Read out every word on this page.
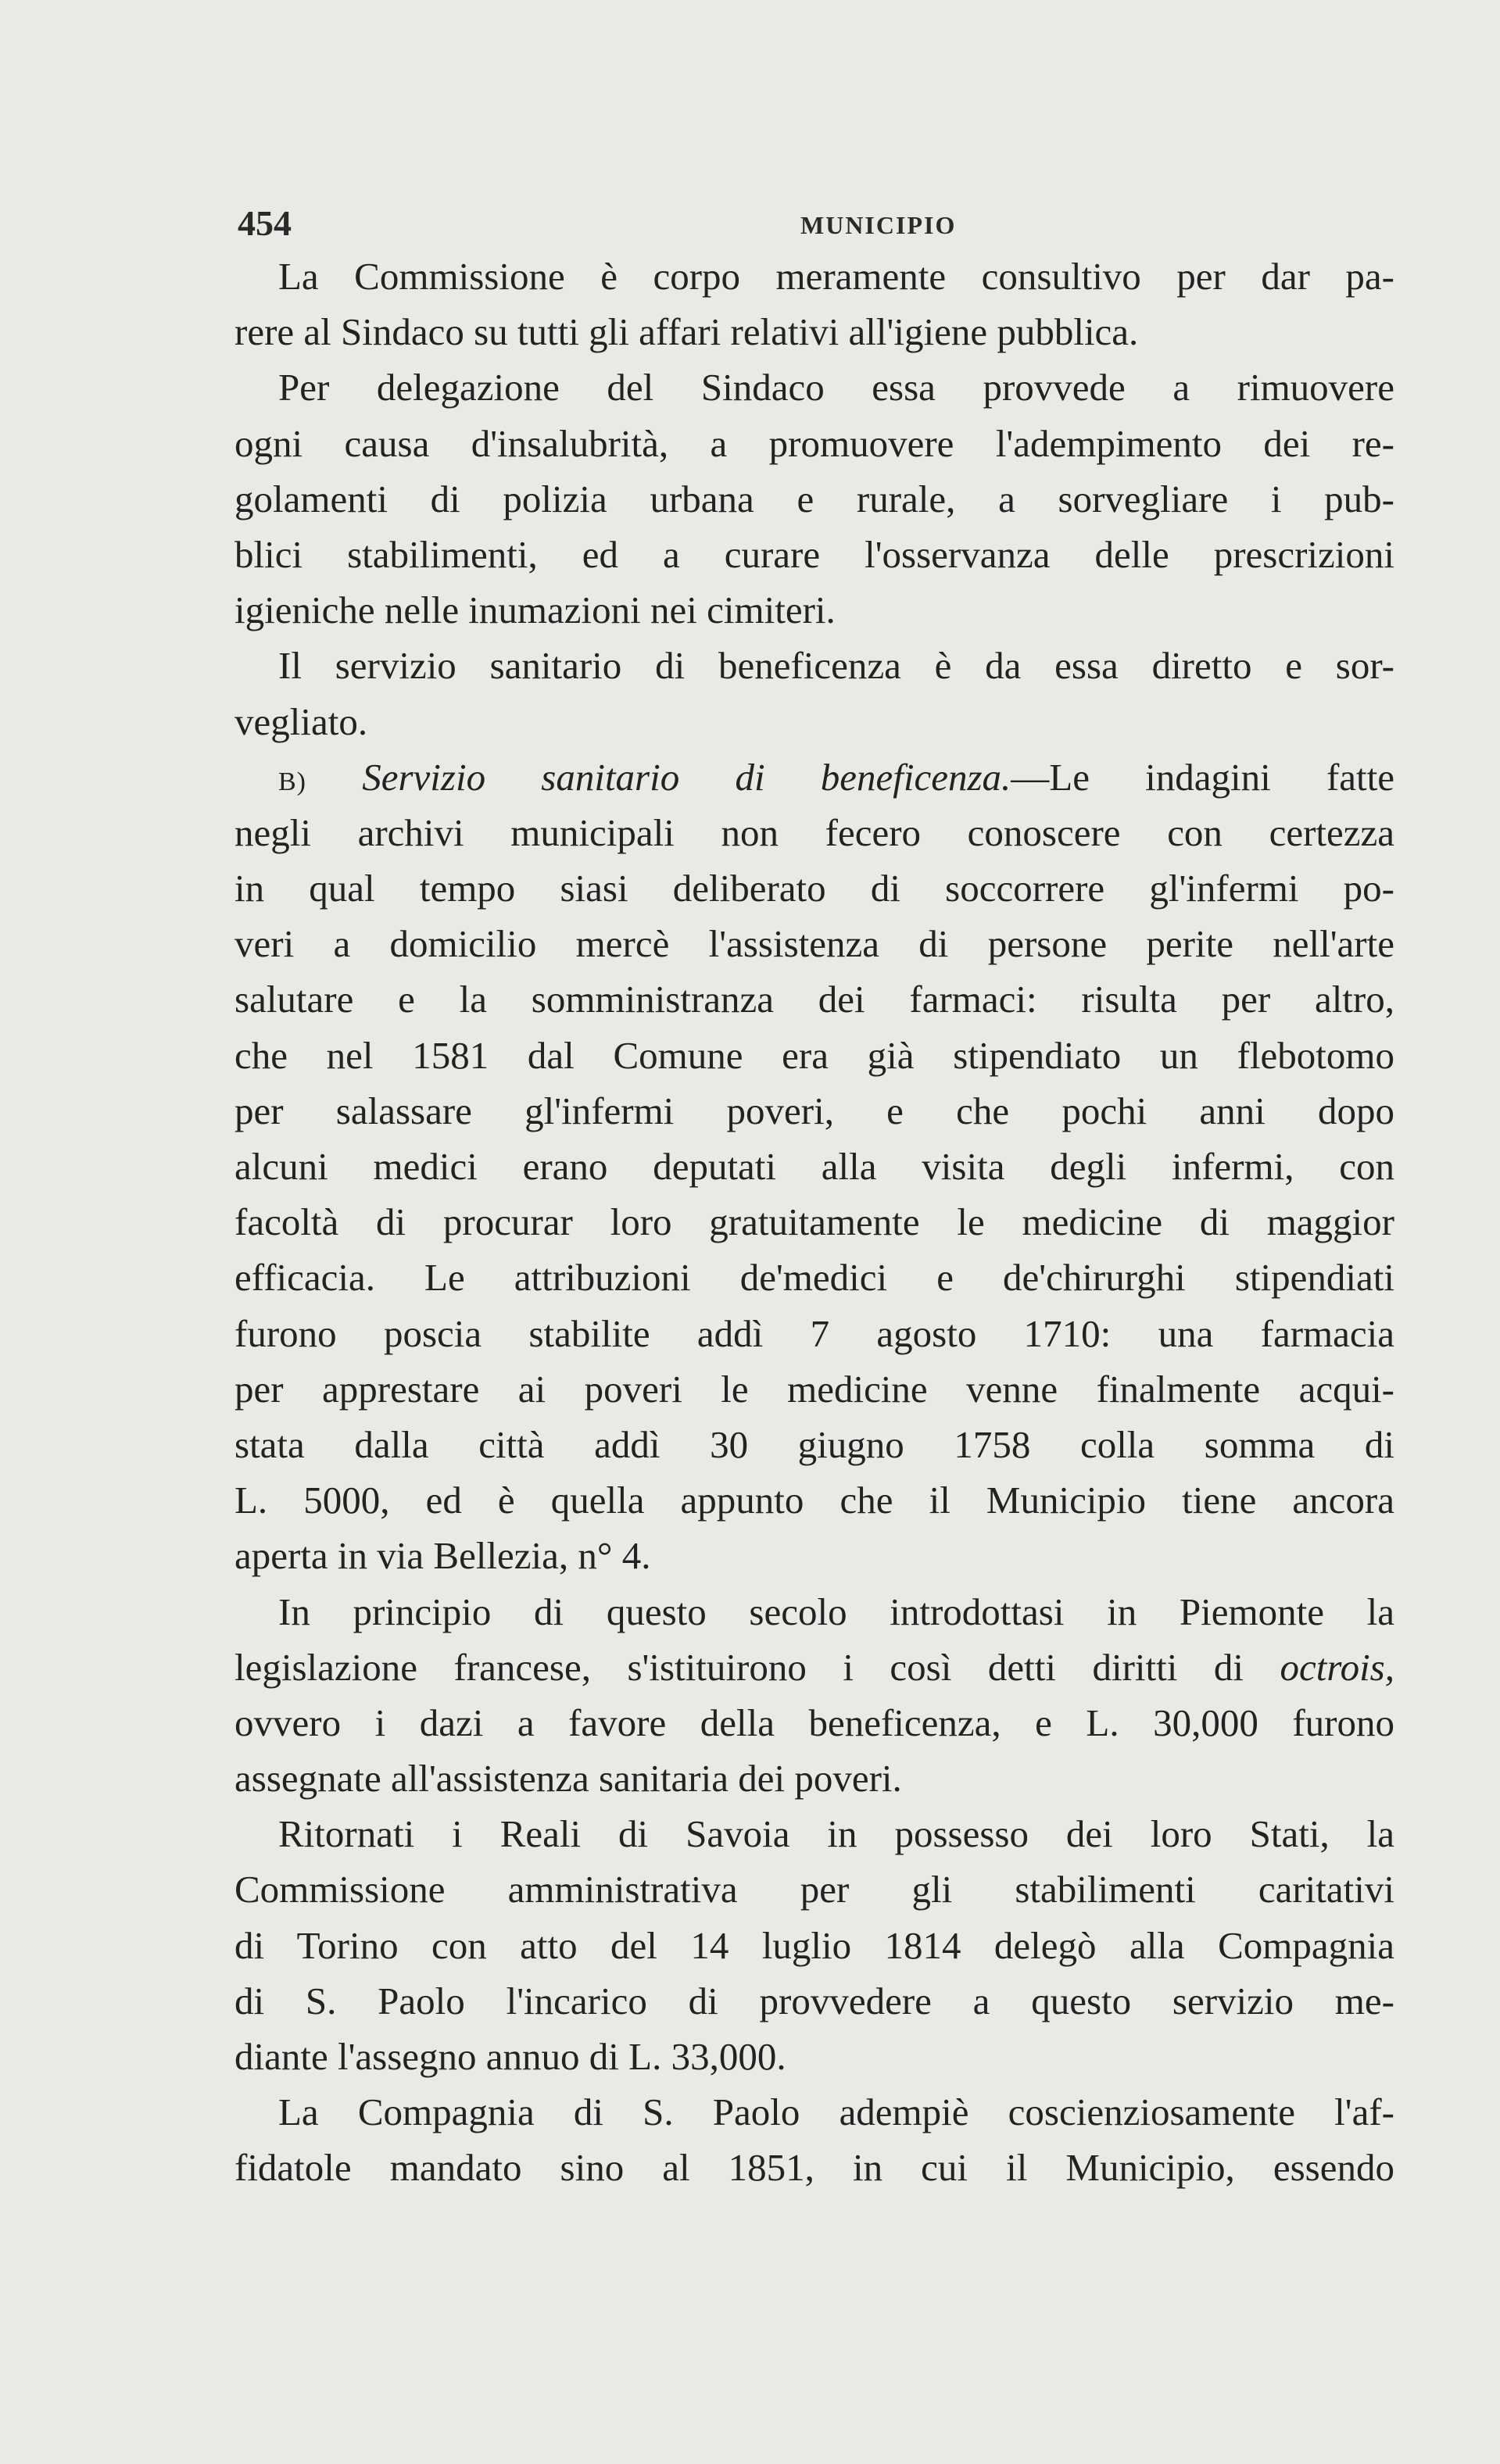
454	MUNICIPIO
La Commissione è corpo meramente consultivo per dar pa-
rere al Sindaco su tutti gli affari relativi all'igiene pubblica.
Per delegazione del Sindaco essa provvede a rimuovere
ogni causa d'insalubrità, a promuovere l'adempimento dei re-
golamenti di polizia urbana e rurale, a sorvegliare i pub-
blici stabilimenti, ed a curare l'osservanza delle prescrizioni
igieniche nelle inumazioni nei cimiteri.
Il servizio sanitario di beneficenza è da essa diretto e sor-
vegliato.
B) Servizio sanitario di beneficenza.—Le indagini fatte
negli archivi municipali non fecero conoscere con certezza
in qual tempo siasi deliberato di soccorrere gl'infermi po-
veri a domicilio mercè l'assistenza di persone perite nell'arte
salutare e la somministranza dei farmaci: risulta per altro,
che nel 1581 dal Comune era già stipendiato un flebotomo
per salassare gl'infermi poveri, e che pochi anni dopo
alcuni medici erano deputati alla visita degli infermi, con
facoltà di procurar loro gratuitamente le medicine di maggior
efficacia. Le attribuzioni de'medici e de'chirurghi stipendiati
furono poscia stabilite addì 7 agosto 1710: una farmacia
per apprestare ai poveri le medicine venne finalmente acqui-
stata dalla città addì 30 giugno 1758 colla somma di
L. 5000, ed è quella appunto che il Municipio tiene ancora
aperta in via Bellezia, n° 4.
In principio di questo secolo introdottasi in Piemonte la
legislazione francese, s'istituirono i così detti diritti di octrois,
ovvero i dazi a favore della beneficenza, e L. 30,000 furono
assegnate all'assistenza sanitaria dei poveri.
Ritornati i Reali di Savoia in possesso dei loro Stati, la
Commissione amministrativa per gli stabilimenti caritativi
di Torino con atto del 14 luglio 1814 delegò alla Compagnia
di S. Paolo l'incarico di provvedere a questo servizio me-
diante l'assegno annuo di L. 33,000.
La Compagnia di S. Paolo adempiè coscienziosamente l'af-
fidatole mandato sino al 1851, in cui il Municipio, essendo
